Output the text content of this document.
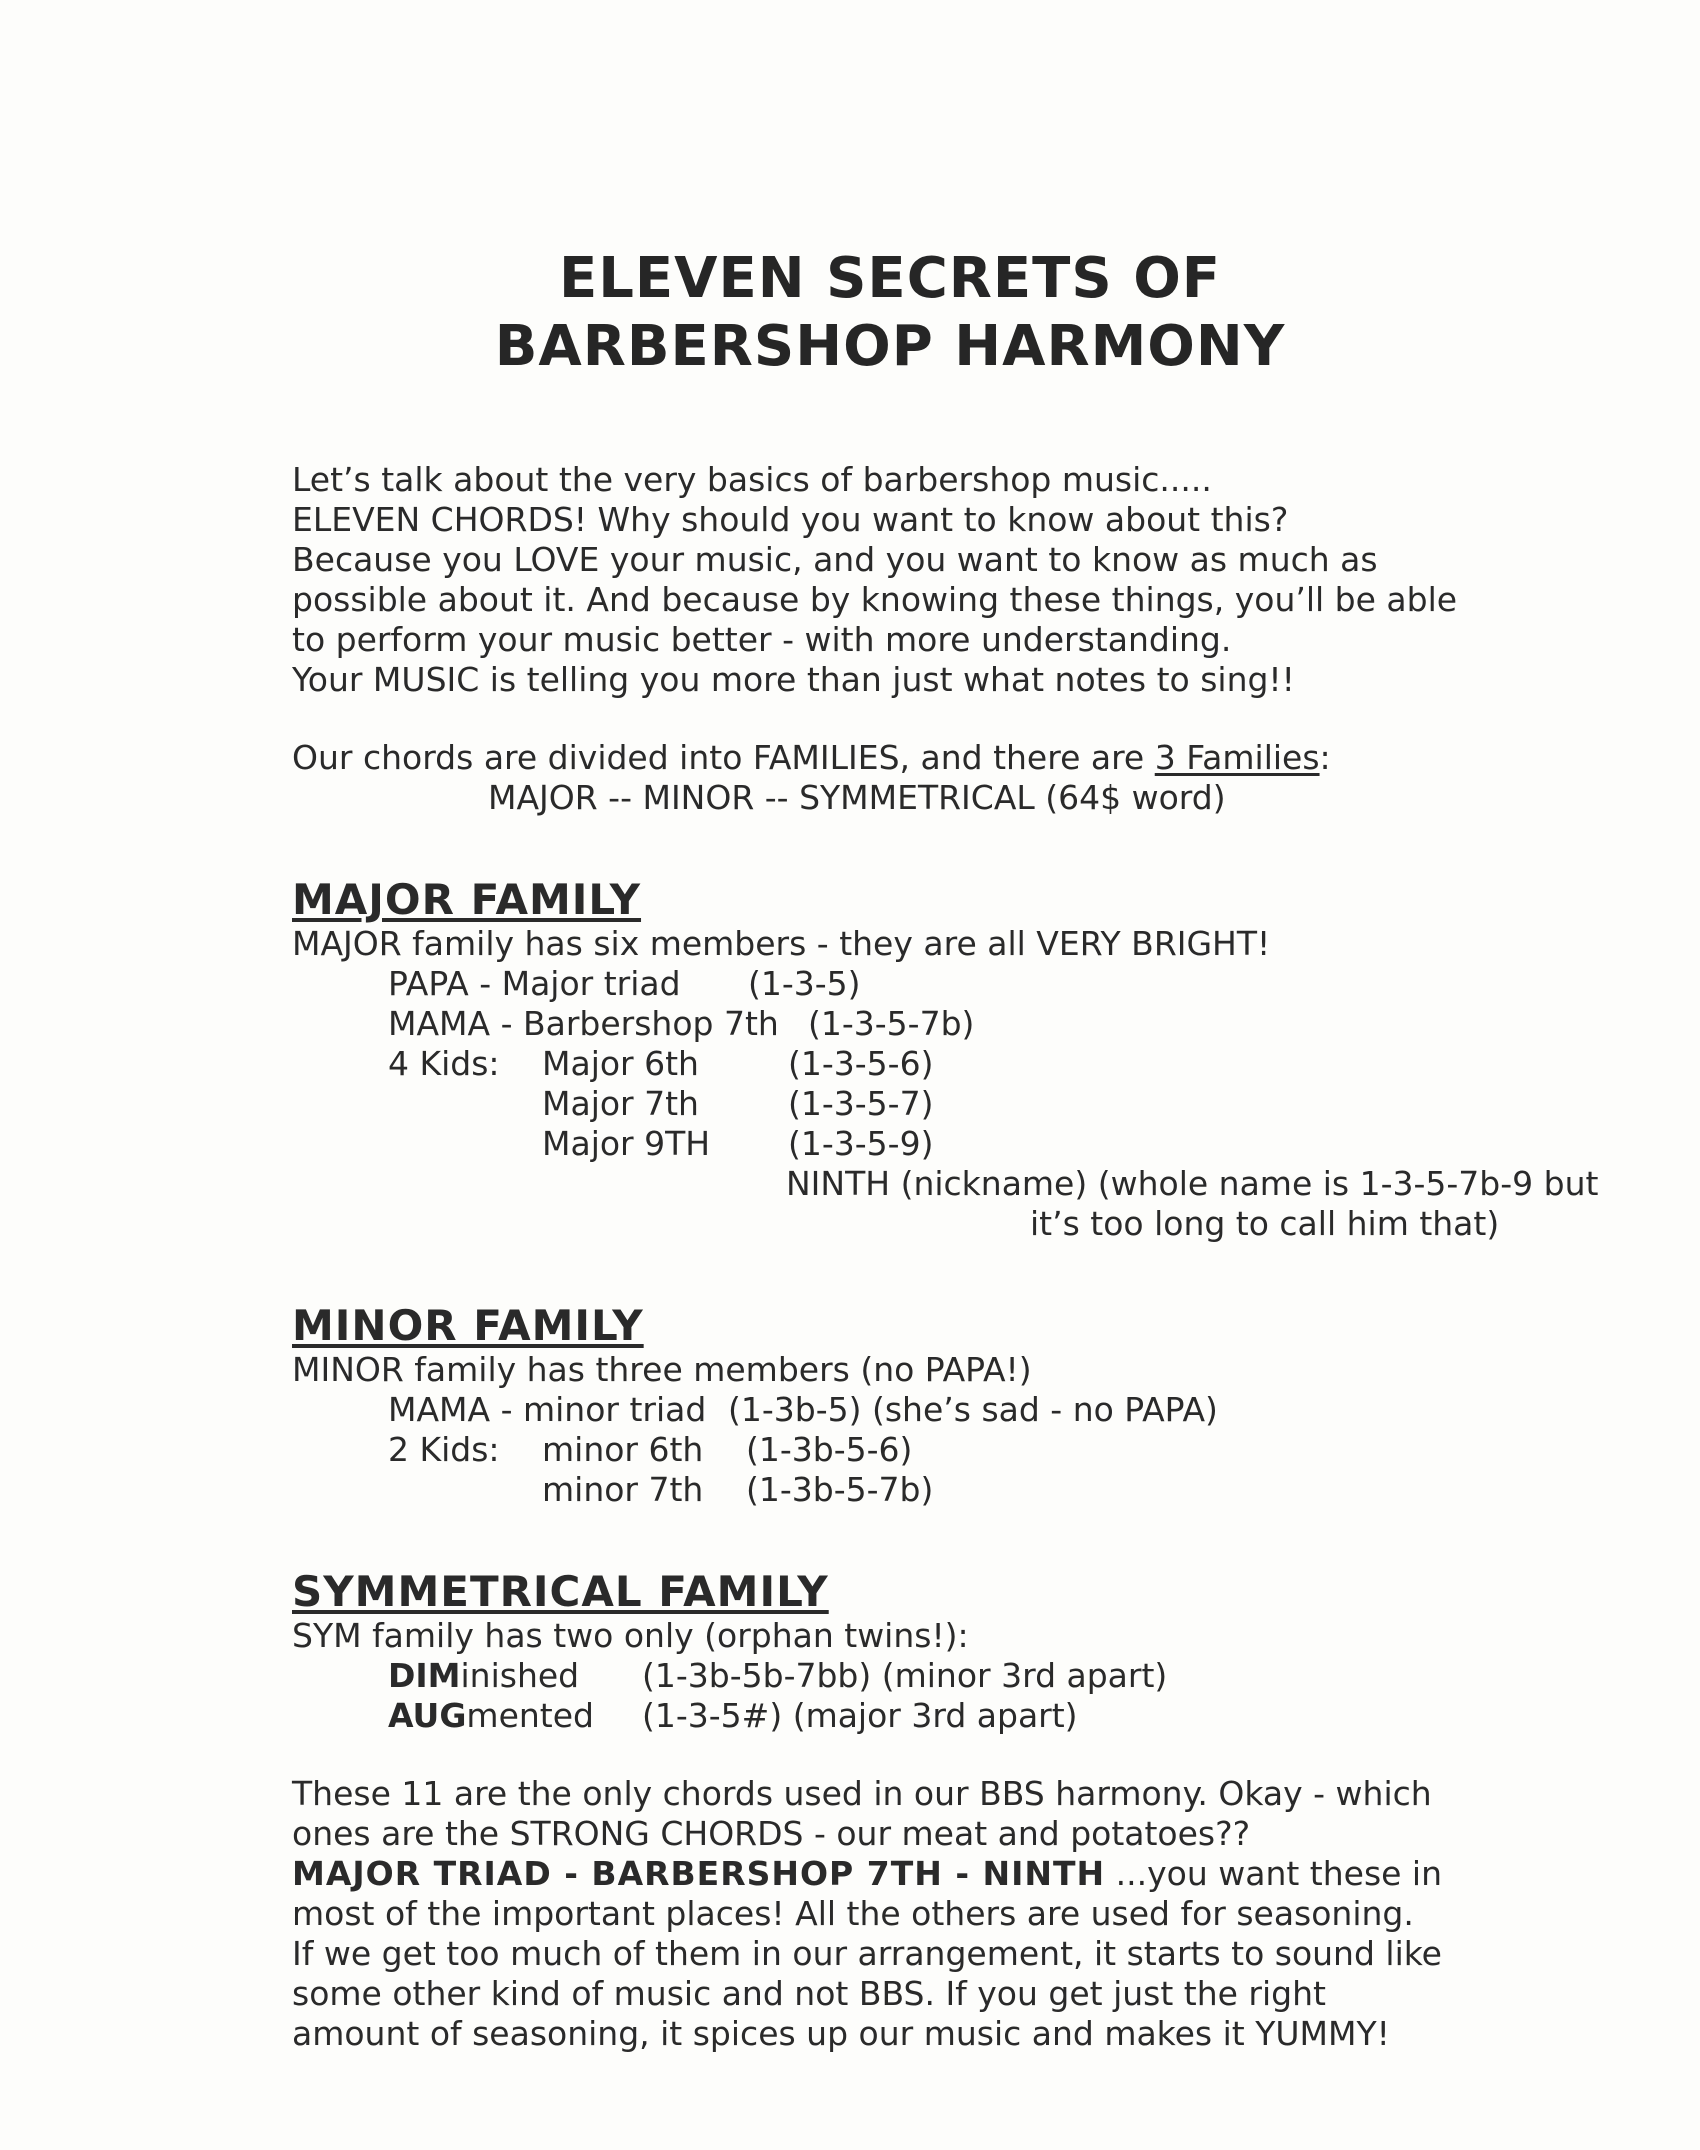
ELEVEN SECRETS OF
BARBERSHOP HARMONY
Let’s talk about the very basics of barbershop music.....
ELEVEN CHORDS! Why should you want to know about this?
Because you LOVE your music, and you want to know as much as
possible about it. And because by knowing these things, you’ll be able
to perform your music better - with more understanding.
Your MUSIC is telling you more than just what notes to sing!!
Our chords are divided into FAMILIES, and there are 3 Families:
MAJOR -- MINOR -- SYMMETRICAL (64$ word)
MAJOR FAMILY
MAJOR family has six members - they are all VERY BRIGHT!
PAPA - Major triad	(1-3-5)
MAMA - Barbershop 7th (1-3-5-7b)
4 Kids:	Major 6th	(1-3-5-6)
Major 7th	(1-3-5-7)
Major 9TH	(1-3-5-9)
NINTH (nickname) (whole name is 1-3-5-7b-9 but
it’s too long to call him that)
MINOR FAMILY
MINOR family has three members (no PAPA!)
MAMA - minor triad (1-3b-5) (she’s sad - no PAPA)
2 Kids:	minor 6th	(1-3b-5-6)
minor 7th	(1-3b-5-7b)
SYMMETRICAL FAMILY
SYM family has two only (orphan twins!):
DIMinished	(1-3b-5b-7bb) (minor 3rd apart)
AUGmented	(1-3-5#) (major 3rd apart)
These 11 are the only chords used in our BBS harmony. Okay - which
ones are the STRONG CHORDS - our meat and potatoes??
MAJOR TRIAD - BARBERSHOP 7TH - NINTH ...you want these in
most of the important places! All the others are used for seasoning.
If we get too much of them in our arrangement, it starts to sound like
some other kind of music and not BBS. If you get just the right
amount of seasoning, it spices up our music and makes it YUMMY!
